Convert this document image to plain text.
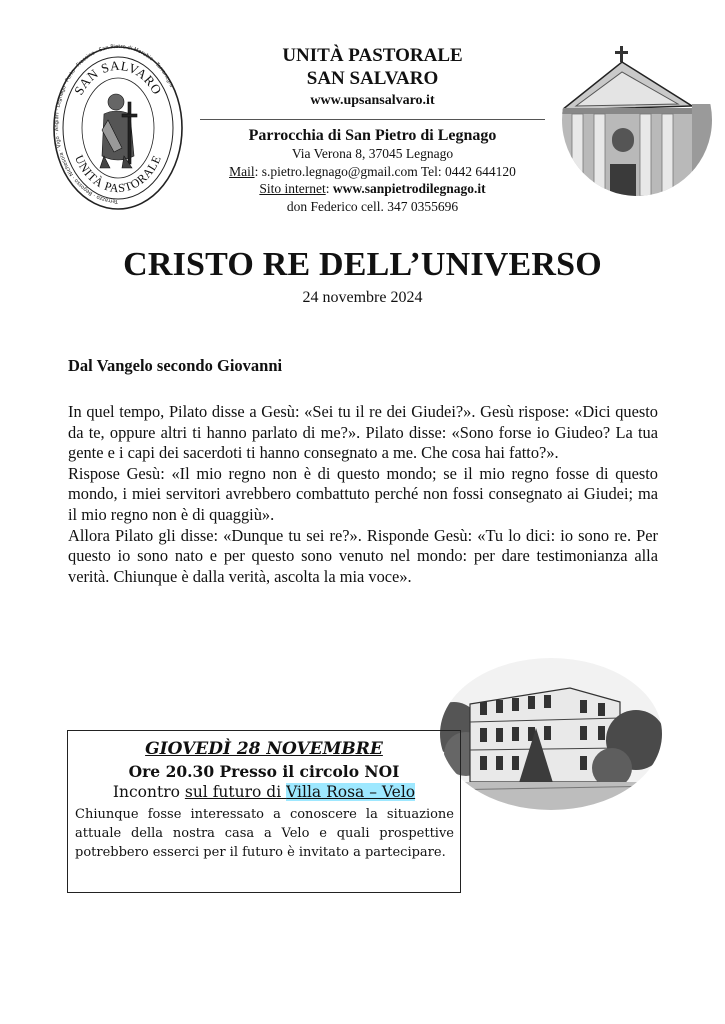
Terrazzo · Begosso · Nichesola · Vigo · Angiari · Legnago · Porto · Frassino · San Pietro di Morubio · Terranegra
SAN SALVARO
UNITÀ PASTORALE
UNITÀ PASTORALE
SAN SALVARO
www.upsansalvaro.it
Parrocchia di San Pietro di Legnago
Via Verona 8, 37045 Legnago
Mail: s.pietro.legnago@gmail.com Tel: 0442 644120
Sito internet: www.sanpietrodilegnago.it
don Federico cell. 347 0355696
CRISTO RE DELL’UNIVERSO
24 novembre 2024
Dal Vangelo secondo Giovanni

In quel tempo, Pilato disse a Gesù: «Sei tu il re dei Giudei?». Gesù rispose: «Dici questo da te, oppure altri ti hanno parlato di me?». Pilato disse: «Sono forse io Giudeo? La tua gente e i capi dei sacerdoti ti hanno consegnato a me. Che cosa hai fatto?».

Rispose Gesù: «Il mio regno non è di questo mondo; se il mio regno fosse di questo mondo, i miei servitori avrebbero combattuto perché non fossi consegnato ai Giudei; ma il mio regno non è di quaggiù».

Allora Pilato gli disse: «Dunque tu sei re?». Risponde Gesù: «Tu lo dici: io sono re. Per questo io sono nato e per questo sono venuto nel mondo: per dare testimonianza alla verità. Chiunque è dalla verità, ascolta la mia voce».

GIOVEDÌ 28 NOVEMBRE
Ore 20.30 Presso il circolo NOI
Incontro sul futuro di Villa Rosa – Velo
Chiunque fosse interessato a conoscere la situazione attuale della nostra casa a Velo e quali prospettive potrebbero esserci per il futuro è invitato a partecipare.
